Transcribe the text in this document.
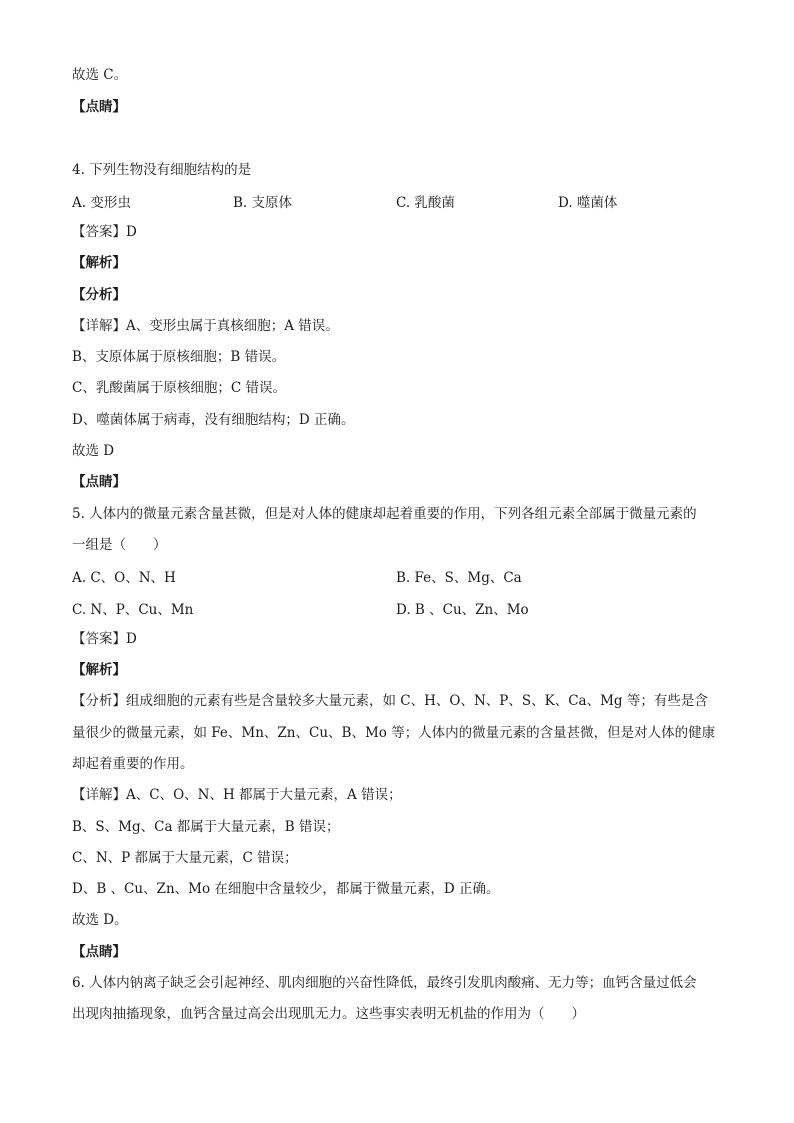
故选 C。
【点睛】
4. 下列生物没有细胞结构的是
A. 变形虫	B. 支原体	C. 乳酸菌	D. 噬菌体
【答案】D
【解析】
【分析】
【详解】A、变形虫属于真核细胞；A 错误。
B、支原体属于原核细胞；B 错误。
C、乳酸菌属于原核细胞；C 错误。
D、噬菌体属于病毒，没有细胞结构；D 正确。
故选 D
【点睛】
5. 人体内的微量元素含量甚微，但是对人体的健康却起着重要的作用，下列各组元素全部属于微量元素的
一组是（　　）
A. C、O、N、H	B. Fe、S、Mg、Ca
C. N、P、Cu、Mn	D. B 、Cu、Zn、Mo
【答案】D
【解析】
【分析】组成细胞的元素有些是含量较多大量元素，如 C、H、O、N、P、S、K、Ca、Mg 等；有些是含
量很少的微量元素，如 Fe、Mn、Zn、Cu、B、Mo 等；人体内的微量元素的含量甚微，但是对人体的健康
却起着重要的作用。
【详解】A、C、O、N、H 都属于大量元素，A 错误；
B、S、Mg、Ca 都属于大量元素，B 错误；
C、N、P 都属于大量元素，C 错误；
D、B 、Cu、Zn、Mo 在细胞中含量较少，都属于微量元素，D 正确。
故选 D。
【点睛】
6. 人体内钠离子缺乏会引起神经、肌肉细胞的兴奋性降低，最终引发肌肉酸痛、无力等；血钙含量过低会
出现肉抽搐现象，血钙含量过高会出现肌无力。这些事实表明无机盐的作用为（　　）
